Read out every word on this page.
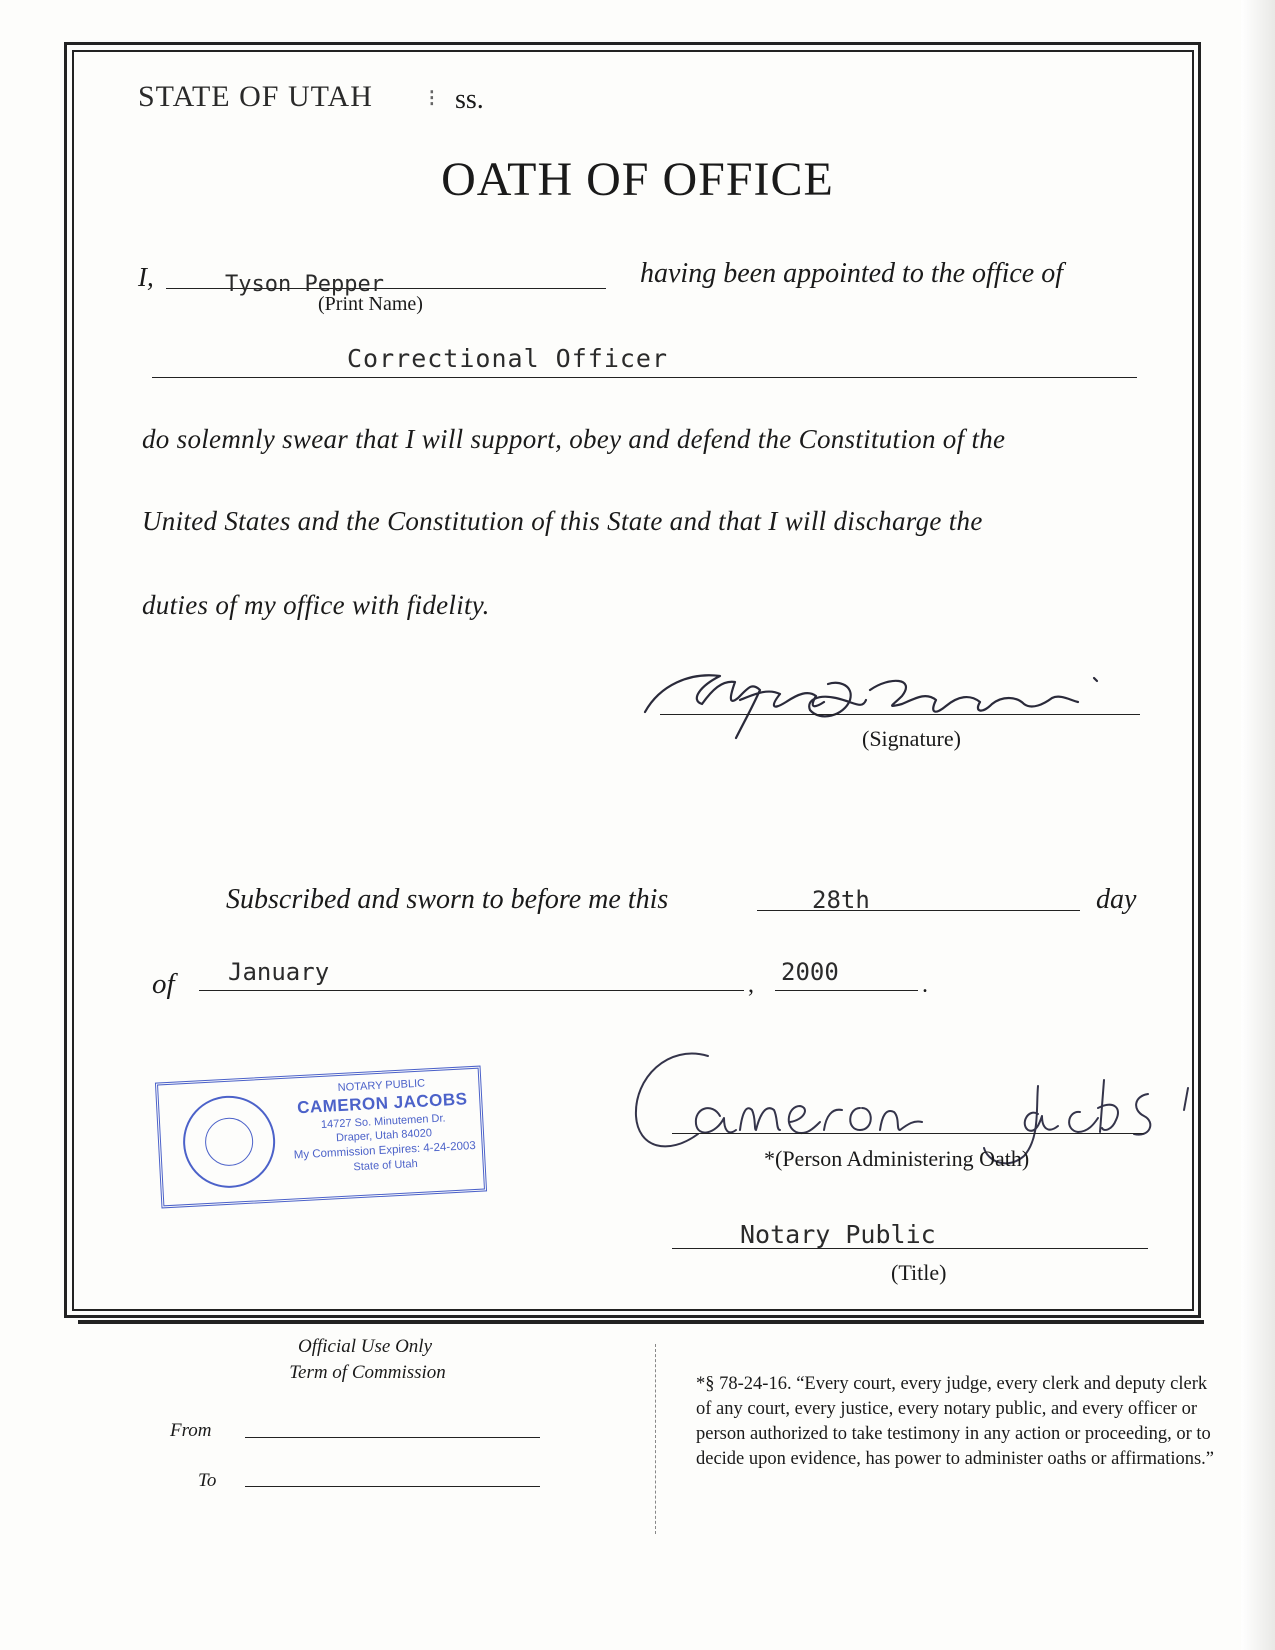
STATE OF UTAH ⁝ ss.
OATH OF OFFICE
I,	Tyson Pepper
(Print Name)
having been appointed to the office of
Correctional Officer
do solemnly swear that I will support, obey and defend the Constitution of the
United States and the Constitution of this State and that I will discharge the
duties of my office with fidelity.
(Signature)
Subscribed and sworn to before me this	28th	day
of January	, 2000	.
NOTARY PUBLIC
CAMERON JACOBS
14727 So. Minutemen Dr.
Draper, Utah 84020
My Commission Expires: 4-24-2003
State of Utah	*(Person Administering Oath)
Notary Public
(Title)
Official Use Only
Term of Commission
From
To
*§ 78-24-16. “Every court, every judge, every clerk and deputy clerk of any court, every justice, every notary public, and every officer or person authorized to take testimony in any action or proceeding, or to decide upon evidence, has power to administer oaths or affirmations.”
